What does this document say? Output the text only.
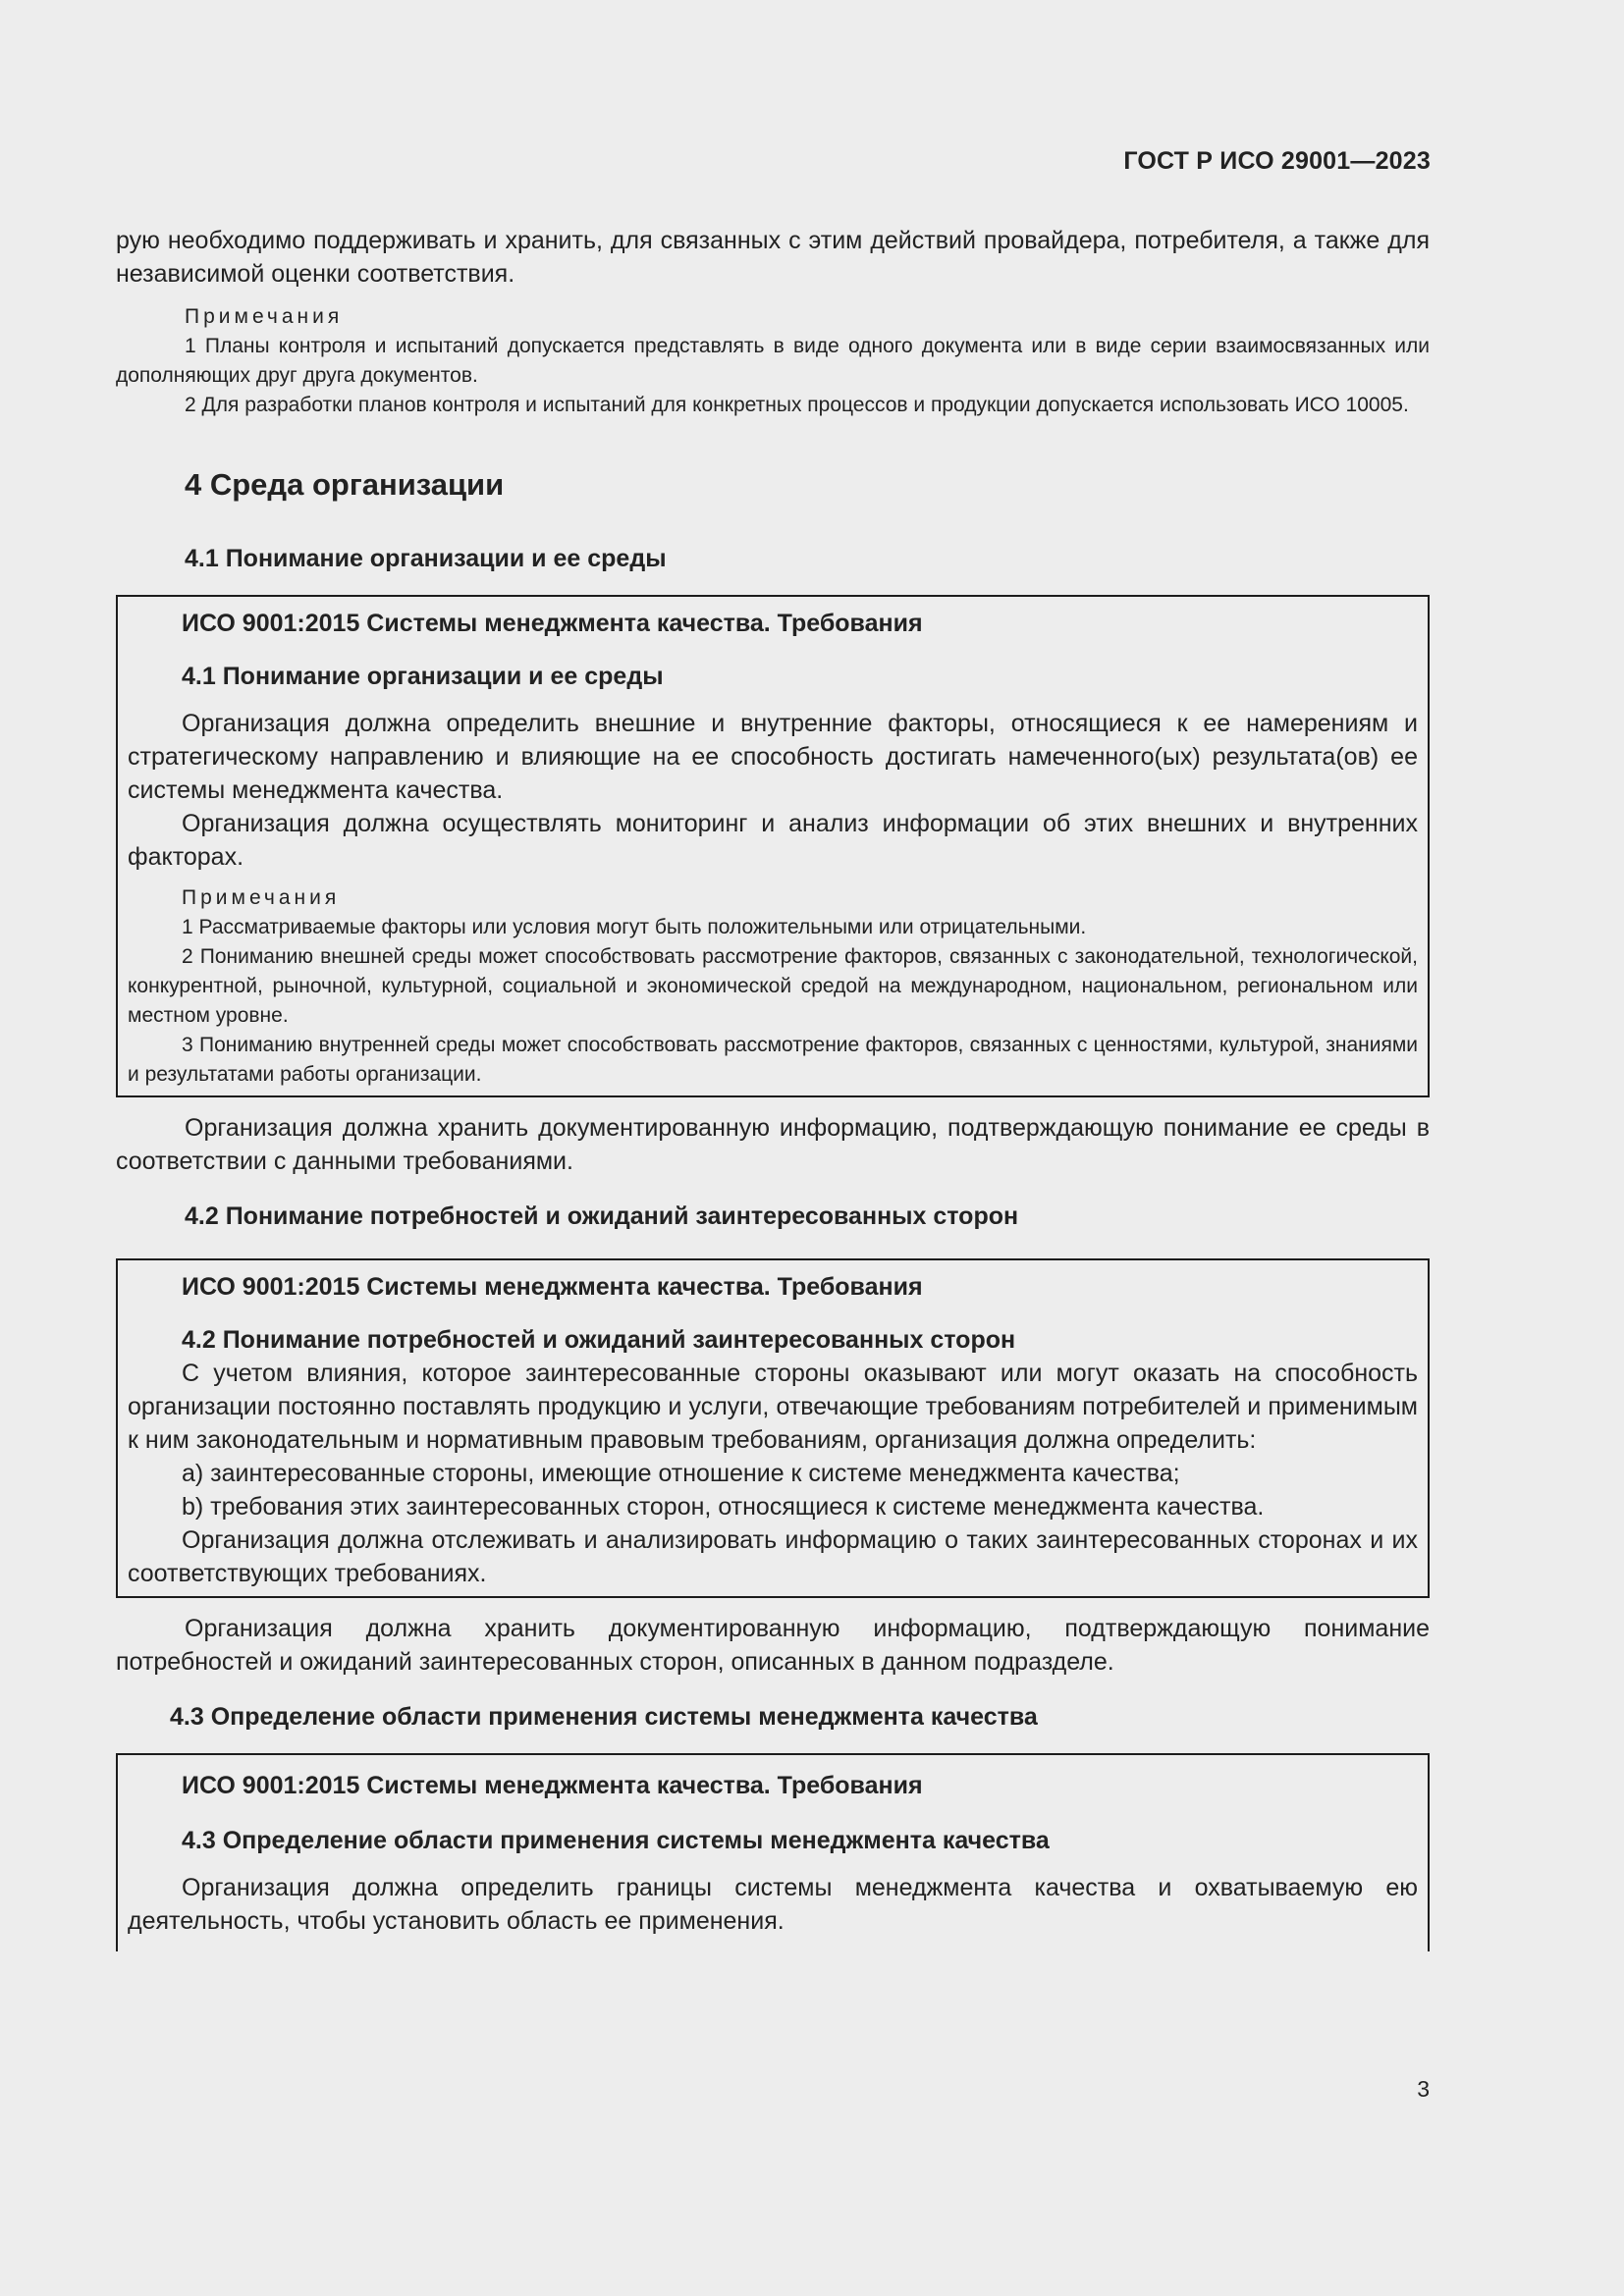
ГОСТ Р ИСО 29001—2023

рую необходимо поддерживать и хранить, для связанных с этим действий провайдера, потребителя, а также для независимой оценки соответствия.

Примечания

1 Планы контроля и испытаний допускается представлять в виде одного документа или в виде серии взаимосвязанных или дополняющих друг друга документов.

2 Для разработки планов контроля и испытаний для конкретных процессов и продукции допускается использовать ИСО 10005.

4 Среда организации

4.1 Понимание организации и ее среды

ИСО 9001:2015 Системы менеджмента качества. Требования

4.1 Понимание организации и ее среды

Организация должна определить внешние и внутренние факторы, относящиеся к ее намерениям и стратегическому направлению и влияющие на ее способность достигать намеченного(ых) результата(ов) ее системы менеджмента качества.

Организация должна осуществлять мониторинг и анализ информации об этих внешних и внутренних факторах.

Примечания

1 Рассматриваемые факторы или условия могут быть положительными или отрицательными.

2 Пониманию внешней среды может способствовать рассмотрение факторов, связанных с законодательной, технологической, конкурентной, рыночной, культурной, социальной и экономической средой на международном, национальном, региональном или местном уровне.

3 Пониманию внутренней среды может способствовать рассмотрение факторов, связанных с ценностями, культурой, знаниями и результатами работы организации.

Организация должна хранить документированную информацию, подтверждающую понимание ее среды в соответствии с данными требованиями.

4.2 Понимание потребностей и ожиданий заинтересованных сторон

ИСО 9001:2015 Системы менеджмента качества. Требования

4.2 Понимание потребностей и ожиданий заинтересованных сторон

С учетом влияния, которое заинтересованные стороны оказывают или могут оказать на способность организации постоянно поставлять продукцию и услуги, отвечающие требованиям потребителей и применимым к ним законодательным и нормативным правовым требованиям, организация должна определить:

a) заинтересованные стороны, имеющие отношение к системе менеджмента качества;

b) требования этих заинтересованных сторон, относящиеся к системе менеджмента качества.

Организация должна отслеживать и анализировать информацию о таких заинтересованных сторонах и их соответствующих требованиях.

Организация должна хранить документированную информацию, подтверждающую понимание потребностей и ожиданий заинтересованных сторон, описанных в данном подразделе.

4.3 Определение области применения системы менеджмента качества

ИСО 9001:2015 Системы менеджмента качества. Требования

4.3 Определение области применения системы менеджмента качества

Организация должна определить границы системы менеджмента качества и охватываемую ею деятельность, чтобы установить область ее применения.

3
